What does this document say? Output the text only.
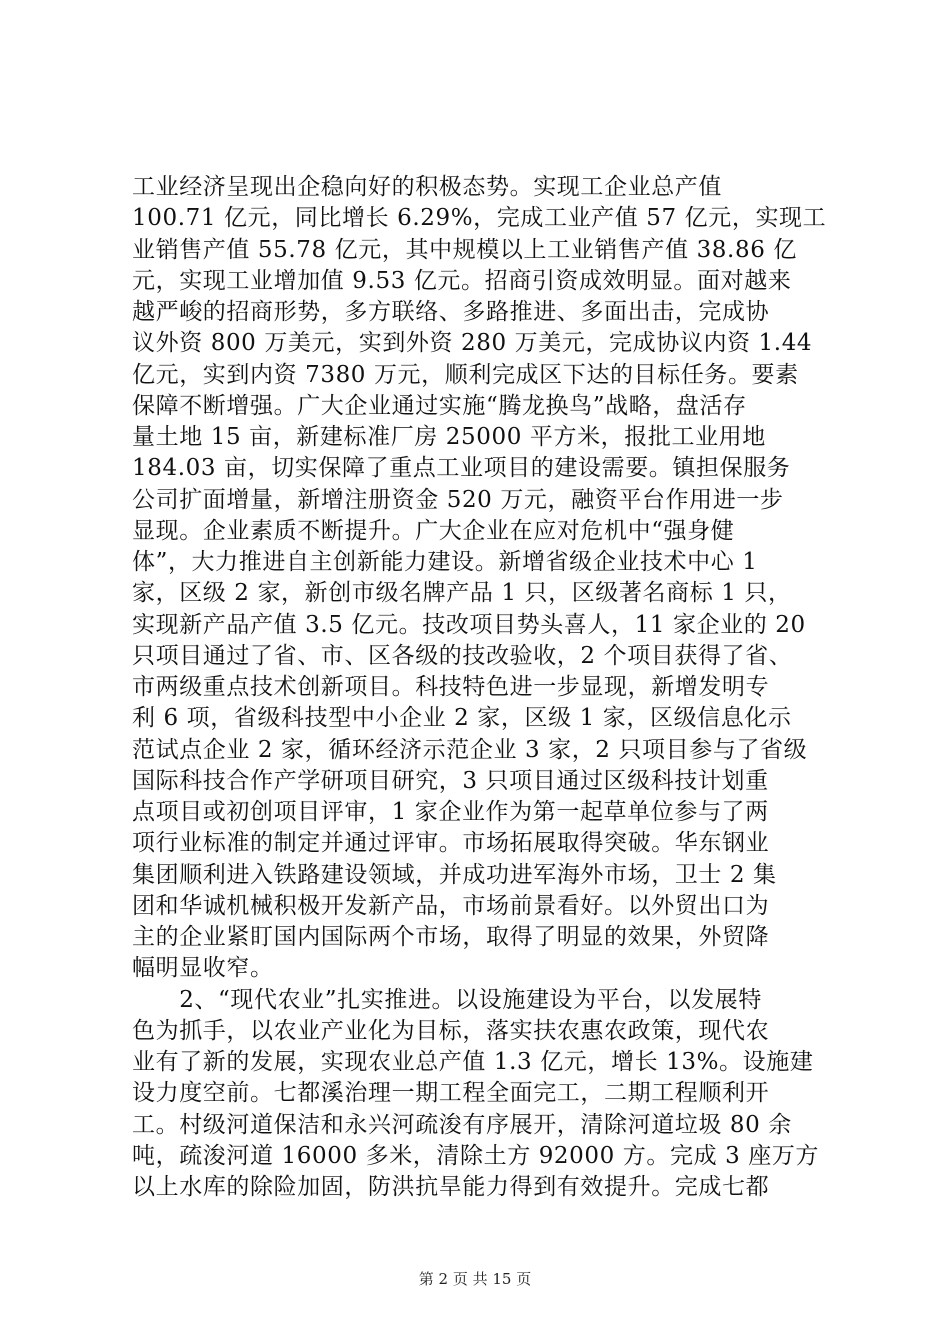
工业经济呈现出企稳向好的积极态势。实现工企业总产值
100.71 亿元，同比增长 6.29%，完成工业产值 57 亿元，实现工
业销售产值 55.78 亿元，其中规模以上工业销售产值 38.86 亿
元，实现工业增加值 9.53 亿元。招商引资成效明显。面对越来
越严峻的招商形势，多方联络、多路推进、多面出击，完成协
议外资 800 万美元，实到外资 280 万美元，完成协议内资 1.44
亿元，实到内资 7380 万元，顺利完成区下达的目标任务。要素
保障不断增强。广大企业通过实施“腾龙换鸟”战略，盘活存
量土地 15 亩，新建标准厂房 25000 平方米，报批工业用地
184.03 亩，切实保障了重点工业项目的建设需要。镇担保服务
公司扩面增量，新增注册资金 520 万元，融资平台作用进一步
显现。企业素质不断提升。广大企业在应对危机中“强身健
体”，大力推进自主创新能力建设。新增省级企业技术中心 1
家，区级 2 家，新创市级名牌产品 1 只，区级著名商标 1 只，
实现新产品产值 3.5 亿元。技改项目势头喜人，11 家企业的 20
只项目通过了省、市、区各级的技改验收，2 个项目获得了省、
市两级重点技术创新项目。科技特色进一步显现，新增发明专
利 6 项，省级科技型中小企业 2 家，区级 1 家，区级信息化示
范试点企业 2 家，循环经济示范企业 3 家，2 只项目参与了省级
国际科技合作产学研项目研究，3 只项目通过区级科技计划重
点项目或初创项目评审，1 家企业作为第一起草单位参与了两
项行业标准的制定并通过评审。市场拓展取得突破。华东钢业
集团顺利进入铁路建设领域，并成功进军海外市场，卫士 2 集
团和华诚机械积极开发新产品，市场前景看好。以外贸出口为
主的企业紧盯国内国际两个市场，取得了明显的效果，外贸降
幅明显收窄。
　　2、“现代农业”扎实推进。以设施建设为平台，以发展特
色为抓手，以农业产业化为目标，落实扶农惠农政策，现代农
业有了新的发展，实现农业总产值 1.3 亿元，增长 13%。设施建
设力度空前。七都溪治理一期工程全面完工，二期工程顺利开
工。村级河道保洁和永兴河疏浚有序展开，清除河道垃圾 80 余
吨，疏浚河道 16000 多米，清除土方 92000 方。完成 3 座万方
以上水库的除险加固，防洪抗旱能力得到有效提升。完成七都
第 2 页 共 15 页
